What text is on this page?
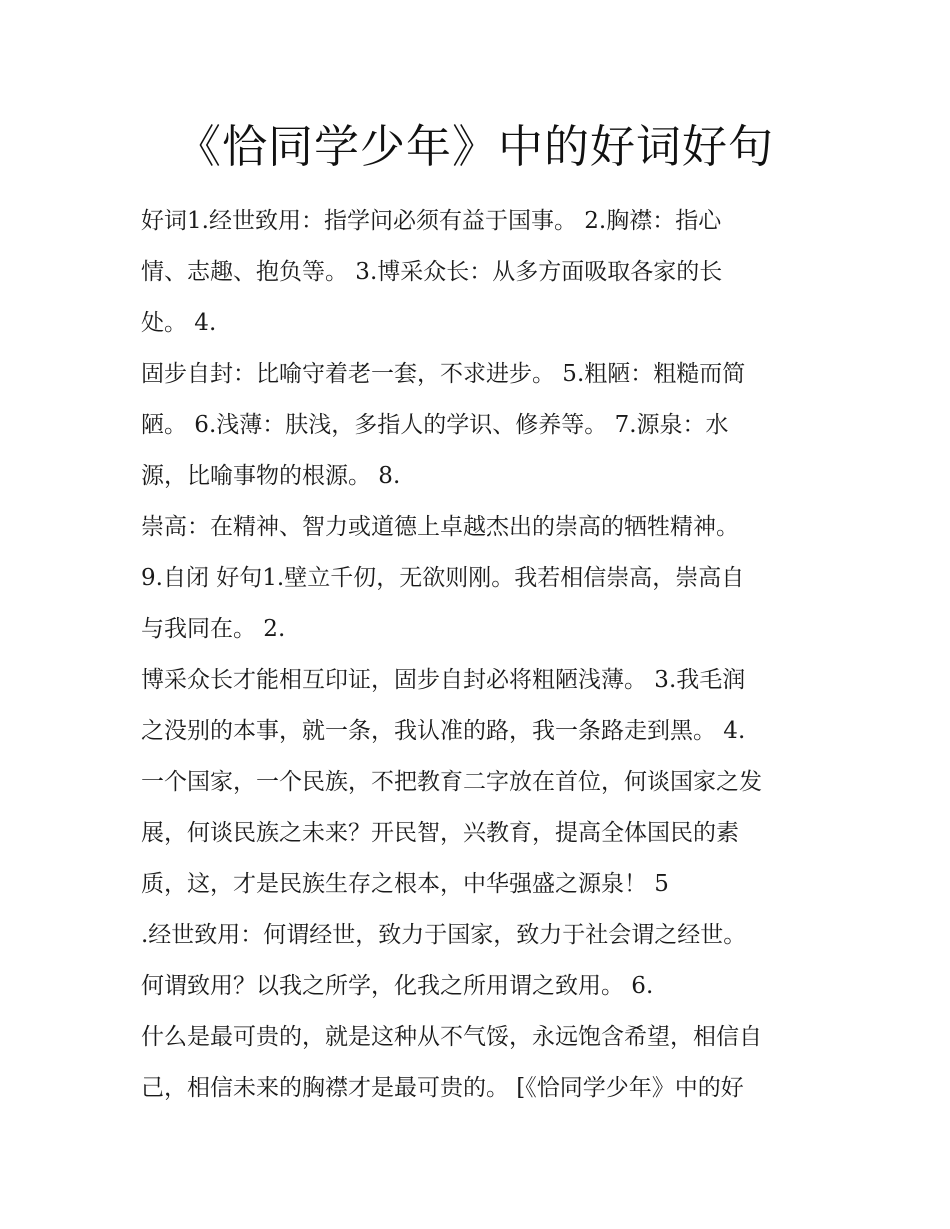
《恰同学少年》中的好词好句
好词1.经世致用：指学问必须有益于国事。 2.胸襟：指心
情、志趣、抱负等。 3.博采众长：从多方面吸取各家的长
处。 4.
固步自封：比喻守着老一套，不求进步。 5.粗陋：粗糙而简
陋。 6.浅薄：肤浅，多指人的学识、修养等。 7.源泉：水
源，比喻事物的根源。 8.
崇高：在精神、智力或道德上卓越杰出的崇高的牺牲精神。
9.自闭 好句1.壁立千仞，无欲则刚。我若相信崇高，崇高自
与我同在。 2.
博采众长才能相互印证，固步自封必将粗陋浅薄。 3.我毛润
之没别的本事，就一条，我认准的路，我一条路走到黑。 4.
一个国家，一个民族，不把教育二字放在首位，何谈国家之发
展，何谈民族之未来？开民智，兴教育，提高全体国民的素
质，这，才是民族生存之根本，中华强盛之源泉！ 5
.经世致用：何谓经世，致力于国家，致力于社会谓之经世。
何谓致用？以我之所学，化我之所用谓之致用。 6.
什么是最可贵的，就是这种从不气馁，永远饱含希望，相信自
己，相信未来的胸襟才是最可贵的。 [《恰同学少年》中的好
